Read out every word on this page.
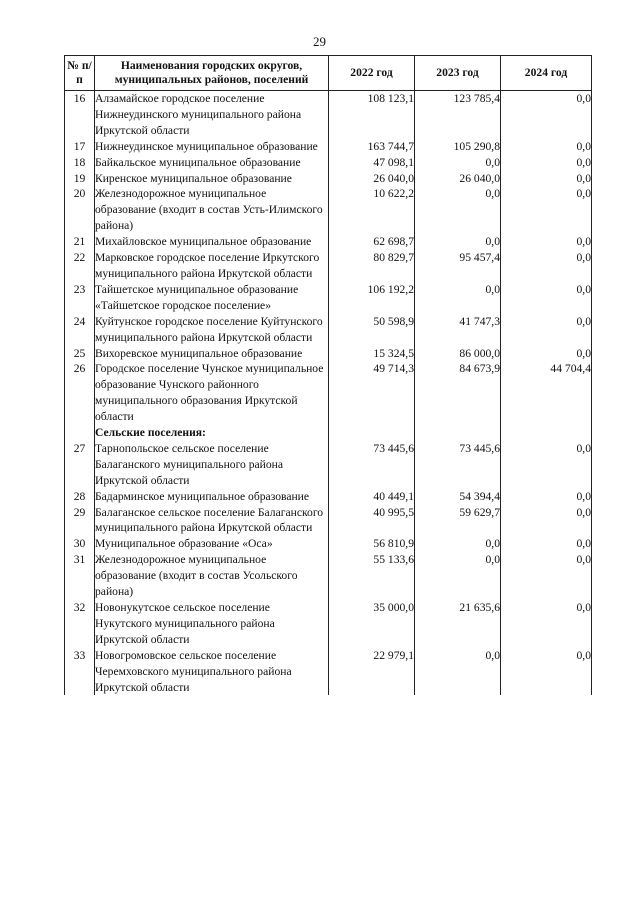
29
№ п/п	Наименования городских округов, муниципальных районов, поселений	2022 год	2023 год	2024 год
16	Алзамайское городское поселение Нижнеудинского муниципального района Иркутской области	108 123,1	123 785,4	0,0
17	Нижнеудинское муниципальное образование	163 744,7	105 290,8	0,0
18	Байкальское муниципальное образование	47 098,1	0,0	0,0
19	Киренское муниципальное образование	26 040,0	26 040,0	0,0
20	Железнодорожное муниципальное образование (входит в состав Усть-Илимского района)	10 622,2	0,0	0,0
21	Михайловское муниципальное образование	62 698,7	0,0	0,0
22	Марковское городское поселение Иркутского муниципального района Иркутской области	80 829,7	95 457,4	0,0
23	Тайшетское муниципальное образование «Тайшетское городское поселение»	106 192,2	0,0	0,0
24	Куйтунское городское поселение Куйтунского муниципального района Иркутской области	50 598,9	41 747,3	0,0
25	Вихоревское муниципальное образование	15 324,5	86 000,0	0,0
26	Городское поселение Чунское муниципальное образование Чунского районного муниципального образования Иркутской области	49 714,3	84 673,9	44 704,4
	Сельские поселения:			
27	Тарнопольское сельское поселение Балаганского муниципального района Иркутской области	73 445,6	73 445,6	0,0
28	Бадарминское муниципальное образование	40 449,1	54 394,4	0,0
29	Балаганское сельское поселение Балаганского муниципального района Иркутской области	40 995,5	59 629,7	0,0
30	Муниципальное образование «Оса»	56 810,9	0,0	0,0
31	Железнодорожное муниципальное образование (входит в состав Усольского района)	55 133,6	0,0	0,0
32	Новонукутское сельское поселение Нукутского муниципального района Иркутской области	35 000,0	21 635,6	0,0
33	Новогромовское сельское поселение Черемховского муниципального района Иркутской области	22 979,1	0,0	0,0
